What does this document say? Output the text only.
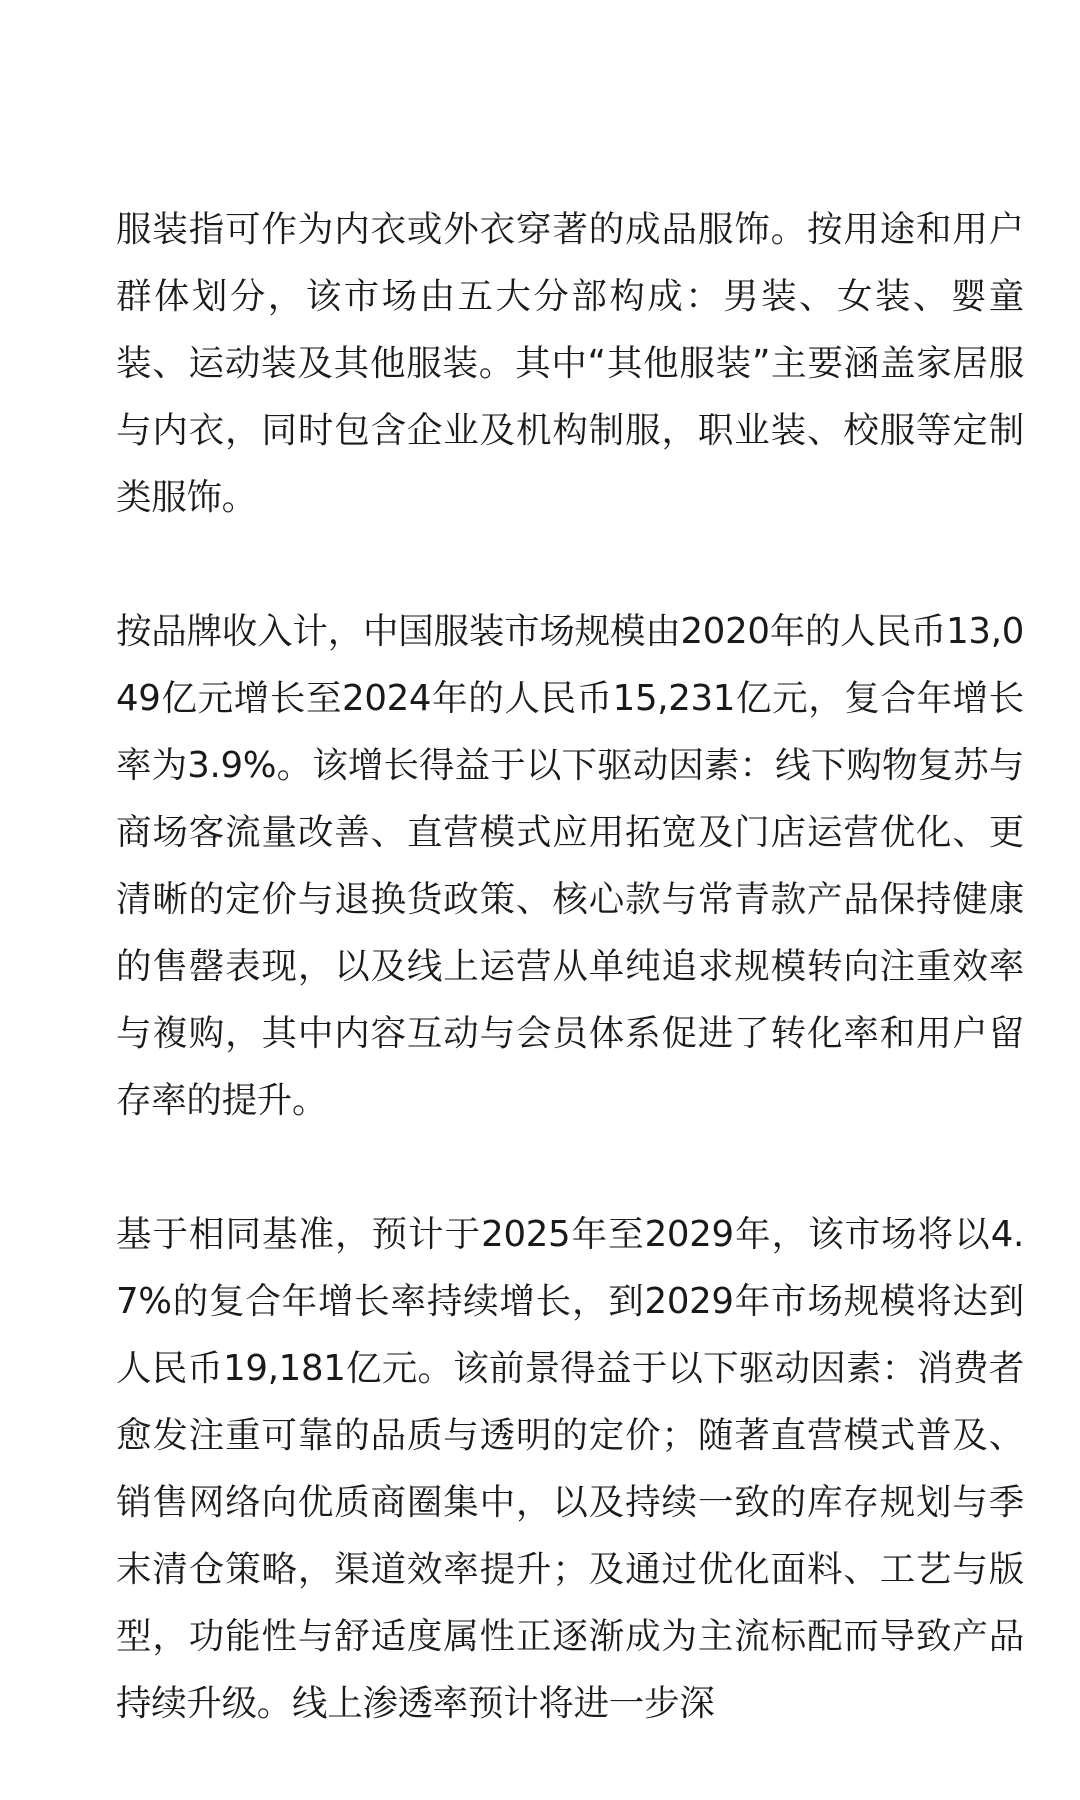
服装指可作为内衣或外衣穿著的成品服饰。按用途和用户群体划分，该市场由五大分部构成：男装、女装、婴童装、运动装及其他服装。其中“其他服装”主要涵盖家居服与内衣，同时包含企业及机构制服，职业装、校服等定制类服饰。

按品牌收入计，中国服装市场规模由2020年的人民币13,049亿元增长至2024年的人民币15,231亿元，复合年增长率为3.9%。该增长得益于以下驱动因素：线下购物复苏与商场客流量改善、直营模式应用拓宽及门店运营优化、更清晰的定价与退换货政策、核心款与常青款产品保持健康的售罄表现，以及线上运营从单纯追求规模转向注重效率与複购，其中内容互动与会员体系促进了转化率和用户留存率的提升。

基于相同基准，预计于2025年至2029年，该市场将以4.7%的复合年增长率持续增长，到2029年市场规模将达到人民币19,181亿元。该前景得益于以下驱动因素：消费者愈发注重可靠的品质与透明的定价；随著直营模式普及、销售网络向优质商圈集中，以及持续一致的库存规划与季末清仓策略，渠道效率提升；及通过优化面料、工艺与版型，功能性与舒适度属性正逐渐成为主流标配而导致产品持续升级。线上渗透率预计将进一步深
